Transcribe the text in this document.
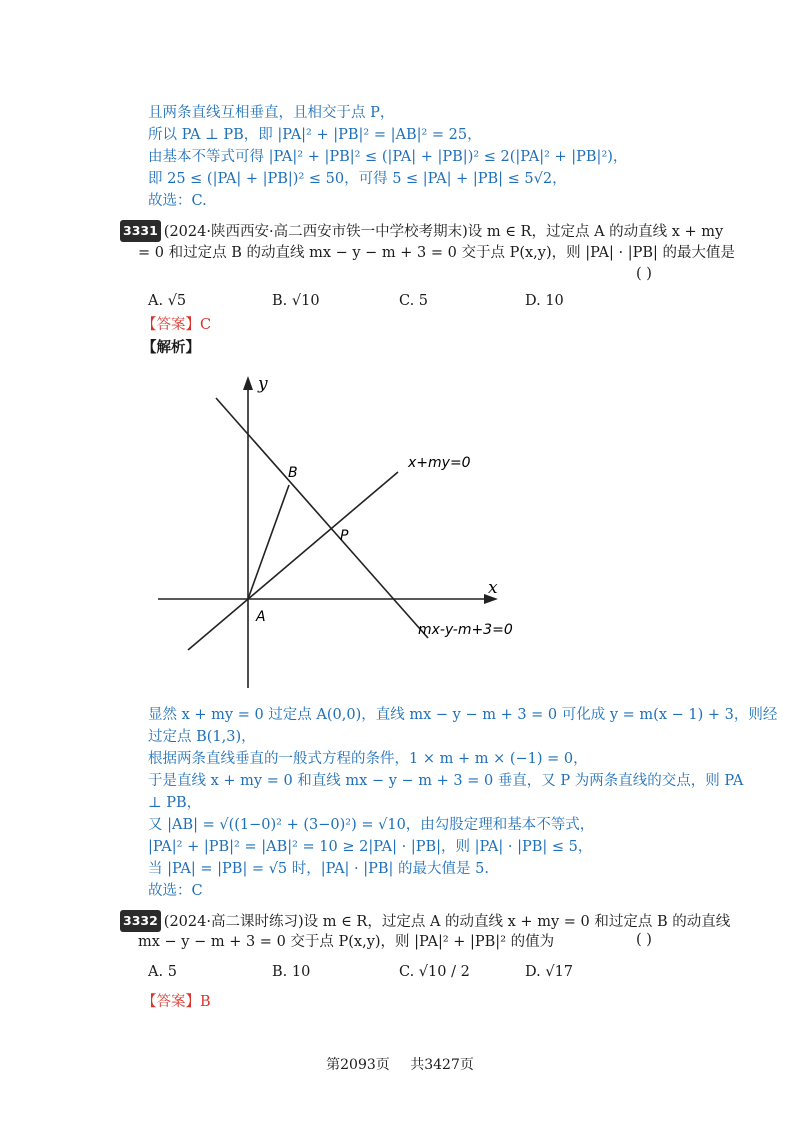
且两条直线互相垂直，且相交于点 P，
所以 PA ⊥ PB，即 |PA|² + |PB|² = |AB|² = 25，
由基本不等式可得 |PA|² + |PB|² ≤ (|PA| + |PB|)² ≤ 2(|PA|² + |PB|²)，
即 25 ≤ (|PA| + |PB|)² ≤ 50，可得 5 ≤ |PA| + |PB| ≤ 5√2，
故选：C.
3331 (2024·陕西西安·高二西安市铁一中学校考期末)设 m ∈ R，过定点 A 的动直线 x + my
= 0 和过定点 B 的动直线 mx − y − m + 3 = 0 交于点 P(x,y)，则 |PA| · |PB| 的最大值是
( )
A. √5	B. √10	C. 5	D. 10
【答案】C
【解析】
y
x
A
B
P
x+my=0
mx-y-m+3=0
显然 x + my = 0 过定点 A(0,0)，直线 mx − y − m + 3 = 0 可化成 y = m(x − 1) + 3，则经
过定点 B(1,3)，
根据两条直线垂直的一般式方程的条件，1 × m + m × (−1) = 0，
于是直线 x + my = 0 和直线 mx − y − m + 3 = 0 垂直，又 P 为两条直线的交点，则 PA
⊥ PB，
又 |AB| = √((1−0)² + (3−0)²) = √10，由勾股定理和基本不等式，
|PA|² + |PB|² = |AB|² = 10 ≥ 2|PA| · |PB|，则 |PA| · |PB| ≤ 5，
当 |PA| = |PB| = √5 时，|PA| · |PB| 的最大值是 5.
故选：C
3332 (2024·高二课时练习)设 m ∈ R，过定点 A 的动直线 x + my = 0 和过定点 B 的动直线
mx − y − m + 3 = 0 交于点 P(x,y)，则 |PA|² + |PB|² 的值为	( )
A. 5	B. 10	C. √10 / 2	D. √17
【答案】B
第2093页 共3427页
